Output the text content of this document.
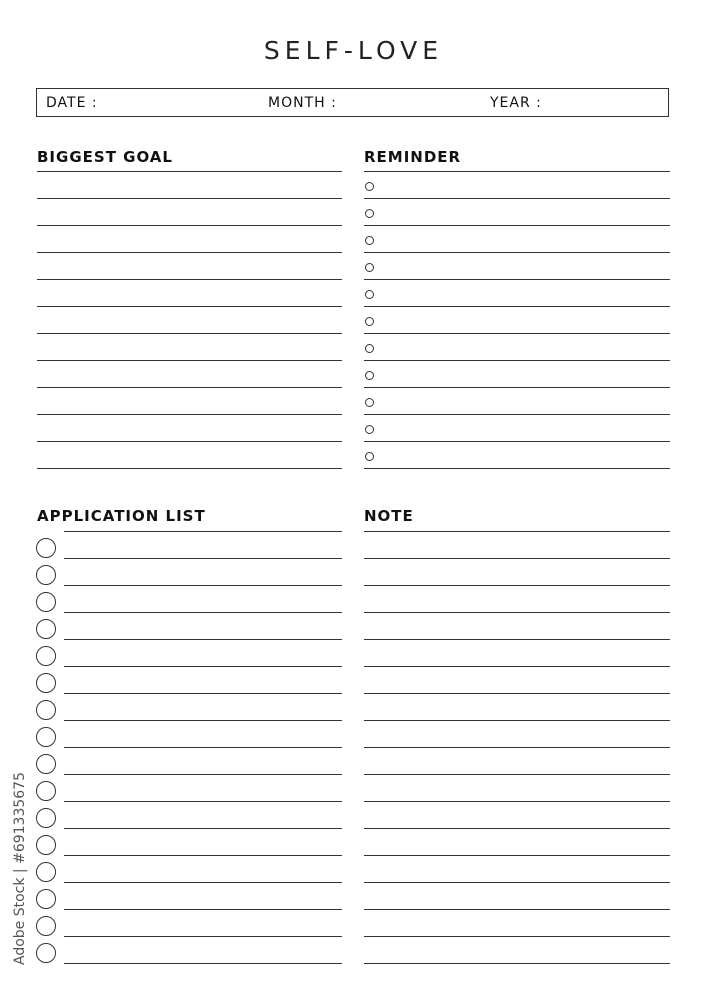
SELF-LOVE
DATE :	MONTH :	YEAR :
BIGGEST GOAL	REMINDER
APPLICATION LIST	NOTE
Adobe Stock | #691335675
